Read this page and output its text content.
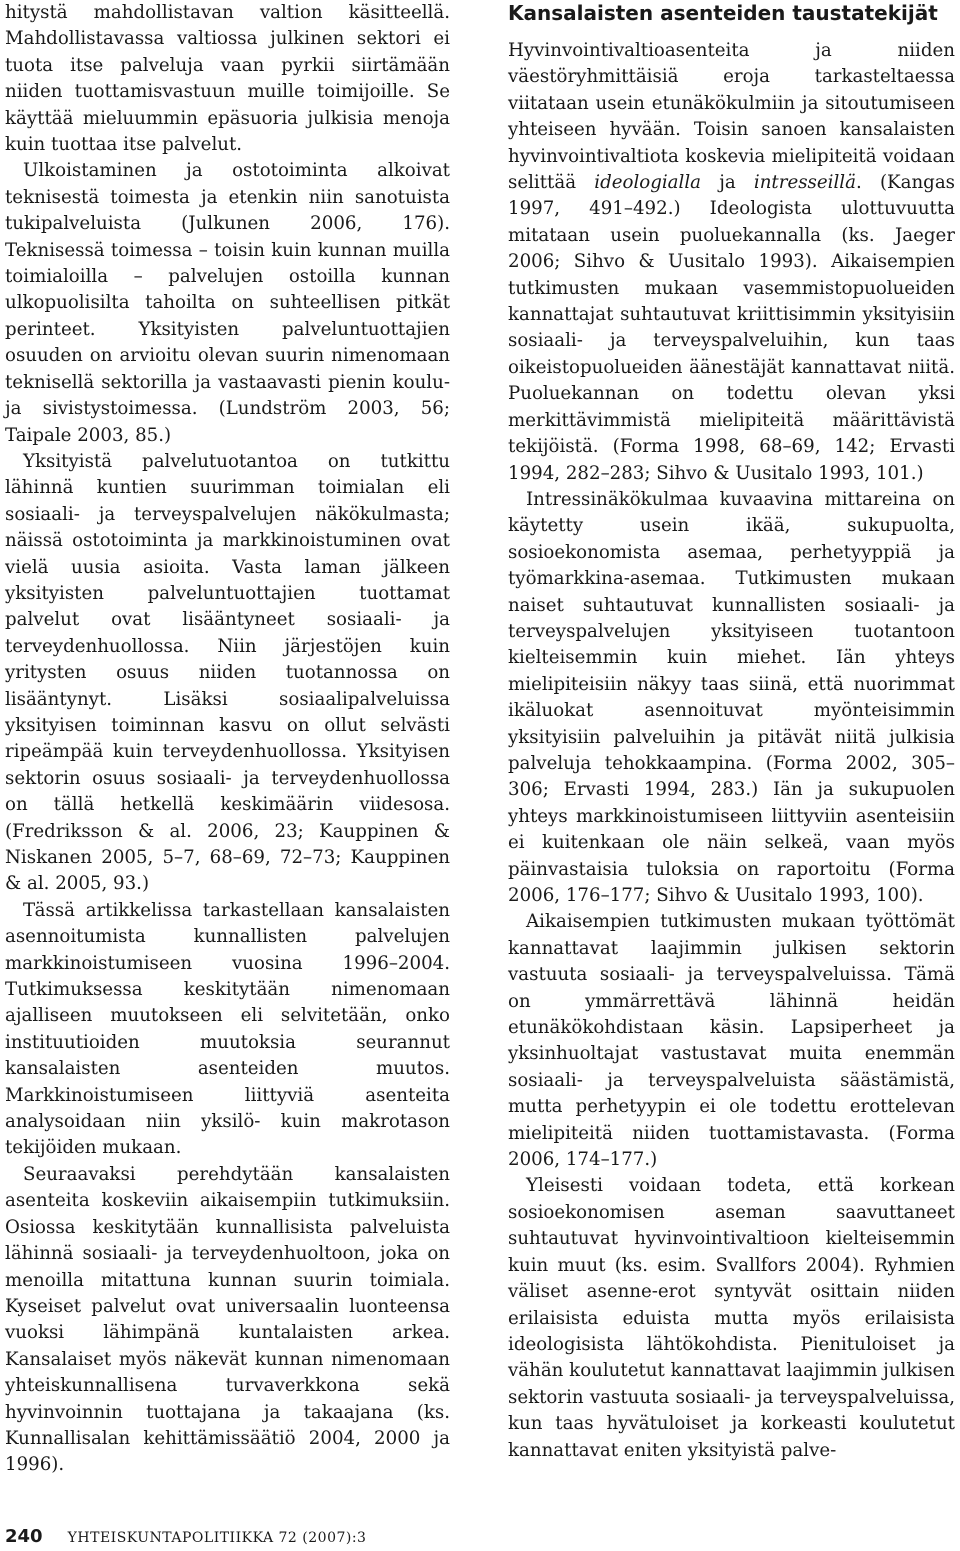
hitystä mahdollistavan valtion käsitteellä. Mahdollistavassa valtiossa julkinen sektori ei tuota itse palveluja vaan pyrkii siirtämään niiden tuottamisvastuun muille toimijoille. Se käyttää mieluummin epäsuoria julkisia menoja kuin tuottaa itse palvelut.

Ulkoistaminen ja ostotoiminta alkoivat teknisestä toimesta ja etenkin niin sanotuista tukipalveluista (Julkunen 2006, 176). Teknisessä toimessa – toisin kuin kunnan muilla toimialoilla – palvelujen ostoilla kunnan ulkopuolisilta tahoilta on suhteellisen pitkät perinteet. Yksityisten palveluntuottajien osuuden on arvioitu olevan suurin nimenomaan teknisellä sektorilla ja vastaavasti pienin koulu- ja sivistystoimessa. (Lundström 2003, 56; Taipale 2003, 85.)

Yksityistä palvelutuotantoa on tutkittu lähinnä kuntien suurimman toimialan eli sosiaali- ja terveyspalvelujen näkökulmasta; näissä ostotoiminta ja markkinoistuminen ovat vielä uusia asioita. Vasta laman jälkeen yksityisten palveluntuottajien tuottamat palvelut ovat lisääntyneet sosiaali- ja terveydenhuollossa. Niin järjestöjen kuin yritysten osuus niiden tuotannossa on lisääntynyt. Lisäksi sosiaalipalveluissa yksityisen toiminnan kasvu on ollut selvästi ripeämpää kuin terveydenhuollossa. Yksityisen sektorin osuus sosiaali- ja terveydenhuollossa on tällä hetkellä keskimäärin viidesosa. (Fredriksson & al. 2006, 23; Kauppinen & Niskanen 2005, 5–7, 68–69, 72–73; Kauppinen & al. 2005, 93.)

Tässä artikkelissa tarkastellaan kansalaisten asennoitumista kunnallisten palvelujen markkinoistumiseen vuosina 1996–2004. Tutkimuksessa keskitytään nimenomaan ajalliseen muutokseen eli selvitetään, onko instituutioiden muutoksia seurannut kansalaisten asenteiden muutos. Markkinoistumiseen liittyviä asenteita analysoidaan niin yksilö- kuin makrotason tekijöiden mukaan.

Seuraavaksi perehdytään kansalaisten asenteita koskeviin aikaisempiin tutkimuksiin. Osiossa keskitytään kunnallisista palveluista lähinnä sosiaali- ja terveydenhuoltoon, joka on menoilla mitattuna kunnan suurin toimiala. Kyseiset palvelut ovat universaalin luonteensa vuoksi lähimpänä kuntalaisten arkea. Kansalaiset myös näkevät kunnan nimenomaan yhteiskunnallisena turvaverkkona sekä hyvinvoinnin tuottajana ja takaajana (ks. Kunnallisalan kehittämissäätiö 2004, 2000 ja 1996).

Kansalaisten asenteiden taustatekijät

Hyvinvointivaltioasenteita ja niiden väestöryhmittäisiä eroja tarkasteltaessa viitataan usein etunäkökulmiin ja sitoutumiseen yhteiseen hyvään. Toisin sanoen kansalaisten hyvinvointivaltiota koskevia mielipiteitä voidaan selittää ideologialla ja intresseillä. (Kangas 1997, 491–492.) Ideologista ulottuvuutta mitataan usein puoluekannalla (ks. Jaeger 2006; Sihvo & Uusitalo 1993). Aikaisempien tutkimusten mukaan vasemmistopuolueiden kannattajat suhtautuvat kriittisimmin yksityisiin sosiaali- ja terveyspalveluihin, kun taas oikeistopuolueiden äänestäjät kannattavat niitä. Puoluekannan on todettu olevan yksi merkittävimmistä mielipiteitä määrittävistä tekijöistä. (Forma 1998, 68–69, 142; Ervasti 1994, 282–283; Sihvo & Uusitalo 1993, 101.)

Intressinäkökulmaa kuvaavina mittareina on käytetty usein ikää, sukupuolta, sosioekonomista asemaa, perhetyyppiä ja työmarkkina-asemaa. Tutkimusten mukaan naiset suhtautuvat kunnallisten sosiaali- ja terveyspalvelujen yksityiseen tuotantoon kielteisemmin kuin miehet. Iän yhteys mielipiteisiin näkyy taas siinä, että nuorimmat ikäluokat asennoituvat myönteisimmin yksityisiin palveluihin ja pitävät niitä julkisia palveluja tehokkaampina. (Forma 2002, 305–306; Ervasti 1994, 283.) Iän ja sukupuolen yhteys markkinoistumiseen liittyviin asenteisiin ei kuitenkaan ole näin selkeä, vaan myös päinvastaisia tuloksia on raportoitu (Forma 2006, 176–177; Sihvo & Uusitalo 1993, 100).

Aikaisempien tutkimusten mukaan työttömät kannattavat laajimmin julkisen sektorin vastuuta sosiaali- ja terveyspalveluissa. Tämä on ymmärrettävä lähinnä heidän etunäkökohdistaan käsin. Lapsiperheet ja yksinhuoltajat vastustavat muita enemmän sosiaali- ja terveyspalveluista säästämistä, mutta perhetyypin ei ole todettu erottelevan mielipiteitä niiden tuottamistavasta. (Forma 2006, 174–177.)

Yleisesti voidaan todeta, että korkean sosioekonomisen aseman saavuttaneet suhtautuvat hyvinvointivaltioon kielteisemmin kuin muut (ks. esim. Svallfors 2004). Ryhmien väliset asenne-erot syntyvät osittain niiden erilaisista eduista mutta myös erilaisista ideologisista lähtökohdista. Pienituloiset ja vähän koulutetut kannattavat laajimmin julkisen sektorin vastuuta sosiaali- ja terveyspalveluissa, kun taas hyvätuloiset ja korkeasti koulutetut kannattavat eniten yksityistä palve-

240 YHTEISKUNTAPOLITIIKKA 72 (2007):3
